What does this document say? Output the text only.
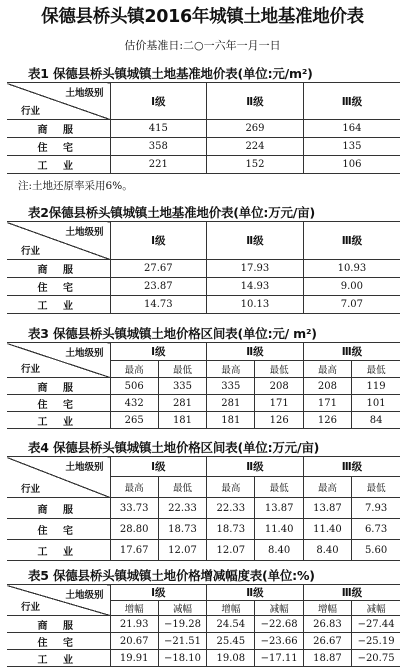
保德县桥头镇2016年城镇土地基准地价表
估价基准日:二○一六年一月一日
表1 保德县桥头镇城镇土地基准地价表(单位:元/m²)
土地级别
行业	Ⅰ级	Ⅱ级	Ⅲ级
商 服	415	269	164
住 宅	358	224	135
工 业	221	152	106
注:土地还原率采用6%。
表2保德县桥头镇城镇土地基准地价表(单位:万元/亩)
土地级别
行业	Ⅰ级	Ⅱ级	Ⅲ级
商 服	27.67	17.93	10.93
住 宅	23.87	14.93	9.00
工 业	14.73	10.13	7.07
表3 保德县桥头镇城镇土地价格区间表(单位:元/ m²)
土地级别
行业	Ⅰ级		Ⅱ级		Ⅲ级	
	最高	最低	最高	最低	最高	最低
商 服	506	335	335	208	208	119
住 宅	432	281	281	171	171	101
工 业	265	181	181	126	126	84
表4 保德县桥头镇城镇土地价格区间表(单位:万元/亩)
土地级别
行业	Ⅰ级		Ⅱ级		Ⅲ级	
	最高	最低	最高	最低	最高	最低
商 服	33.73	22.33	22.33	13.87	13.87	7.93
住 宅	28.80	18.73	18.73	11.40	11.40	6.73
工 业	17.67	12.07	12.07	8.40	8.40	5.60
表5 保德县桥头镇城镇土地价格增减幅度表(单位:%)
土地级别
行业	Ⅰ级		Ⅱ级		Ⅲ级	
	增幅	减幅	增幅	减幅	增幅	减幅
商 服	21.93	−19.28	24.54	−22.68	26.83	−27.44
住 宅	20.67	−21.51	25.45	−23.66	26.67	−25.19
工 业	19.91	−18.10	19.08	−17.11	18.87	−20.75
